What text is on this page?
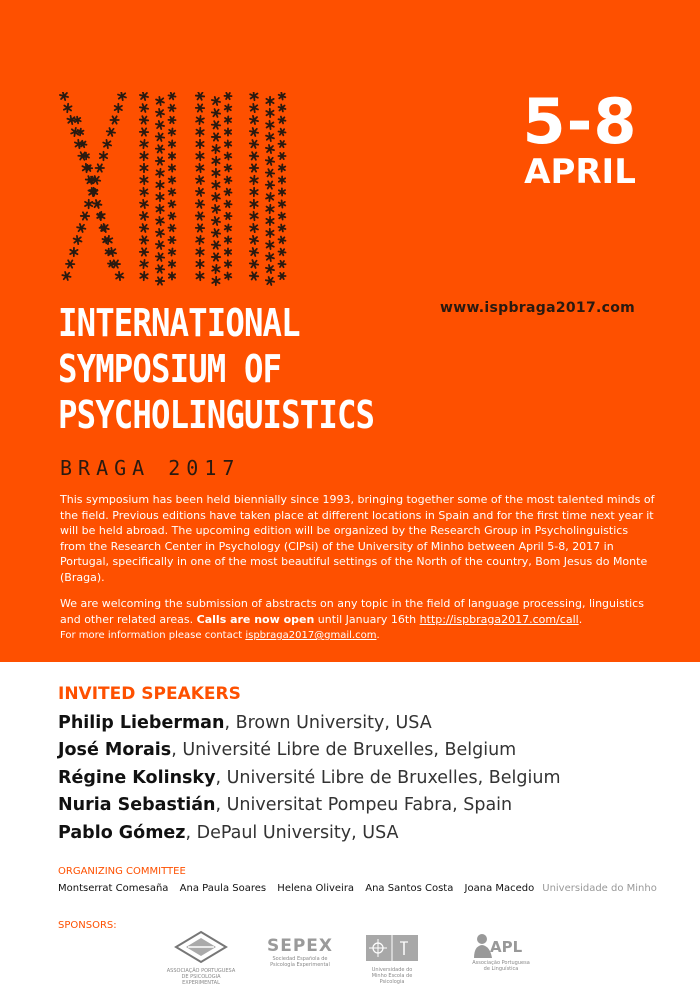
5-8
APRIL
www.ispbraga2017.com
INTERNATIONAL
SYMPOSIUM OF
PSYCHOLINGUISTICS
BRAGA 2017
This symposium has been held biennially since 1993, bringing together some of the most talented minds of the field. Previous editions have taken place at different locations in Spain and for the first time next year it will be held abroad. The upcoming edition will be organized by the Research Group in Psycholinguistics from the Research Center in Psychology (CIPsi) of the University of Minho between April 5-8, 2017 in Portugal, specifically in one of the most beautiful settings of the North of the country, Bom Jesus do Monte (Braga).
We are welcoming the submission of abstracts on any topic in the field of language processing, linguistics and other related areas. Calls are now open until January 16th http://ispbraga2017.com/call.
For more information please contact ispbraga2017@gmail.com.
INVITED SPEAKERS
Philip Lieberman, Brown University, USA
José Morais, Université Libre de Bruxelles, Belgium
Régine Kolinsky, Université Libre de Bruxelles, Belgium
Nuria Sebastián, Universitat Pompeu Fabra, Spain
Pablo Gómez, DePaul University, USA
ORGANIZING COMMITTEE
Montserrat Comesaña Ana Paula Soares Helena Oliveira Ana Santos Costa Joana Macedo Universidade do Minho
SPONSORS:
ASSOCIAÇÃO PORTUGUESA DE PSICOLOGIA EXPERIMENTAL
SEPEX
Sociedad Española de Psicología Experimental
Universidade do Minho Escola de Psicologia
APL
Associação Portuguesa de Linguística
